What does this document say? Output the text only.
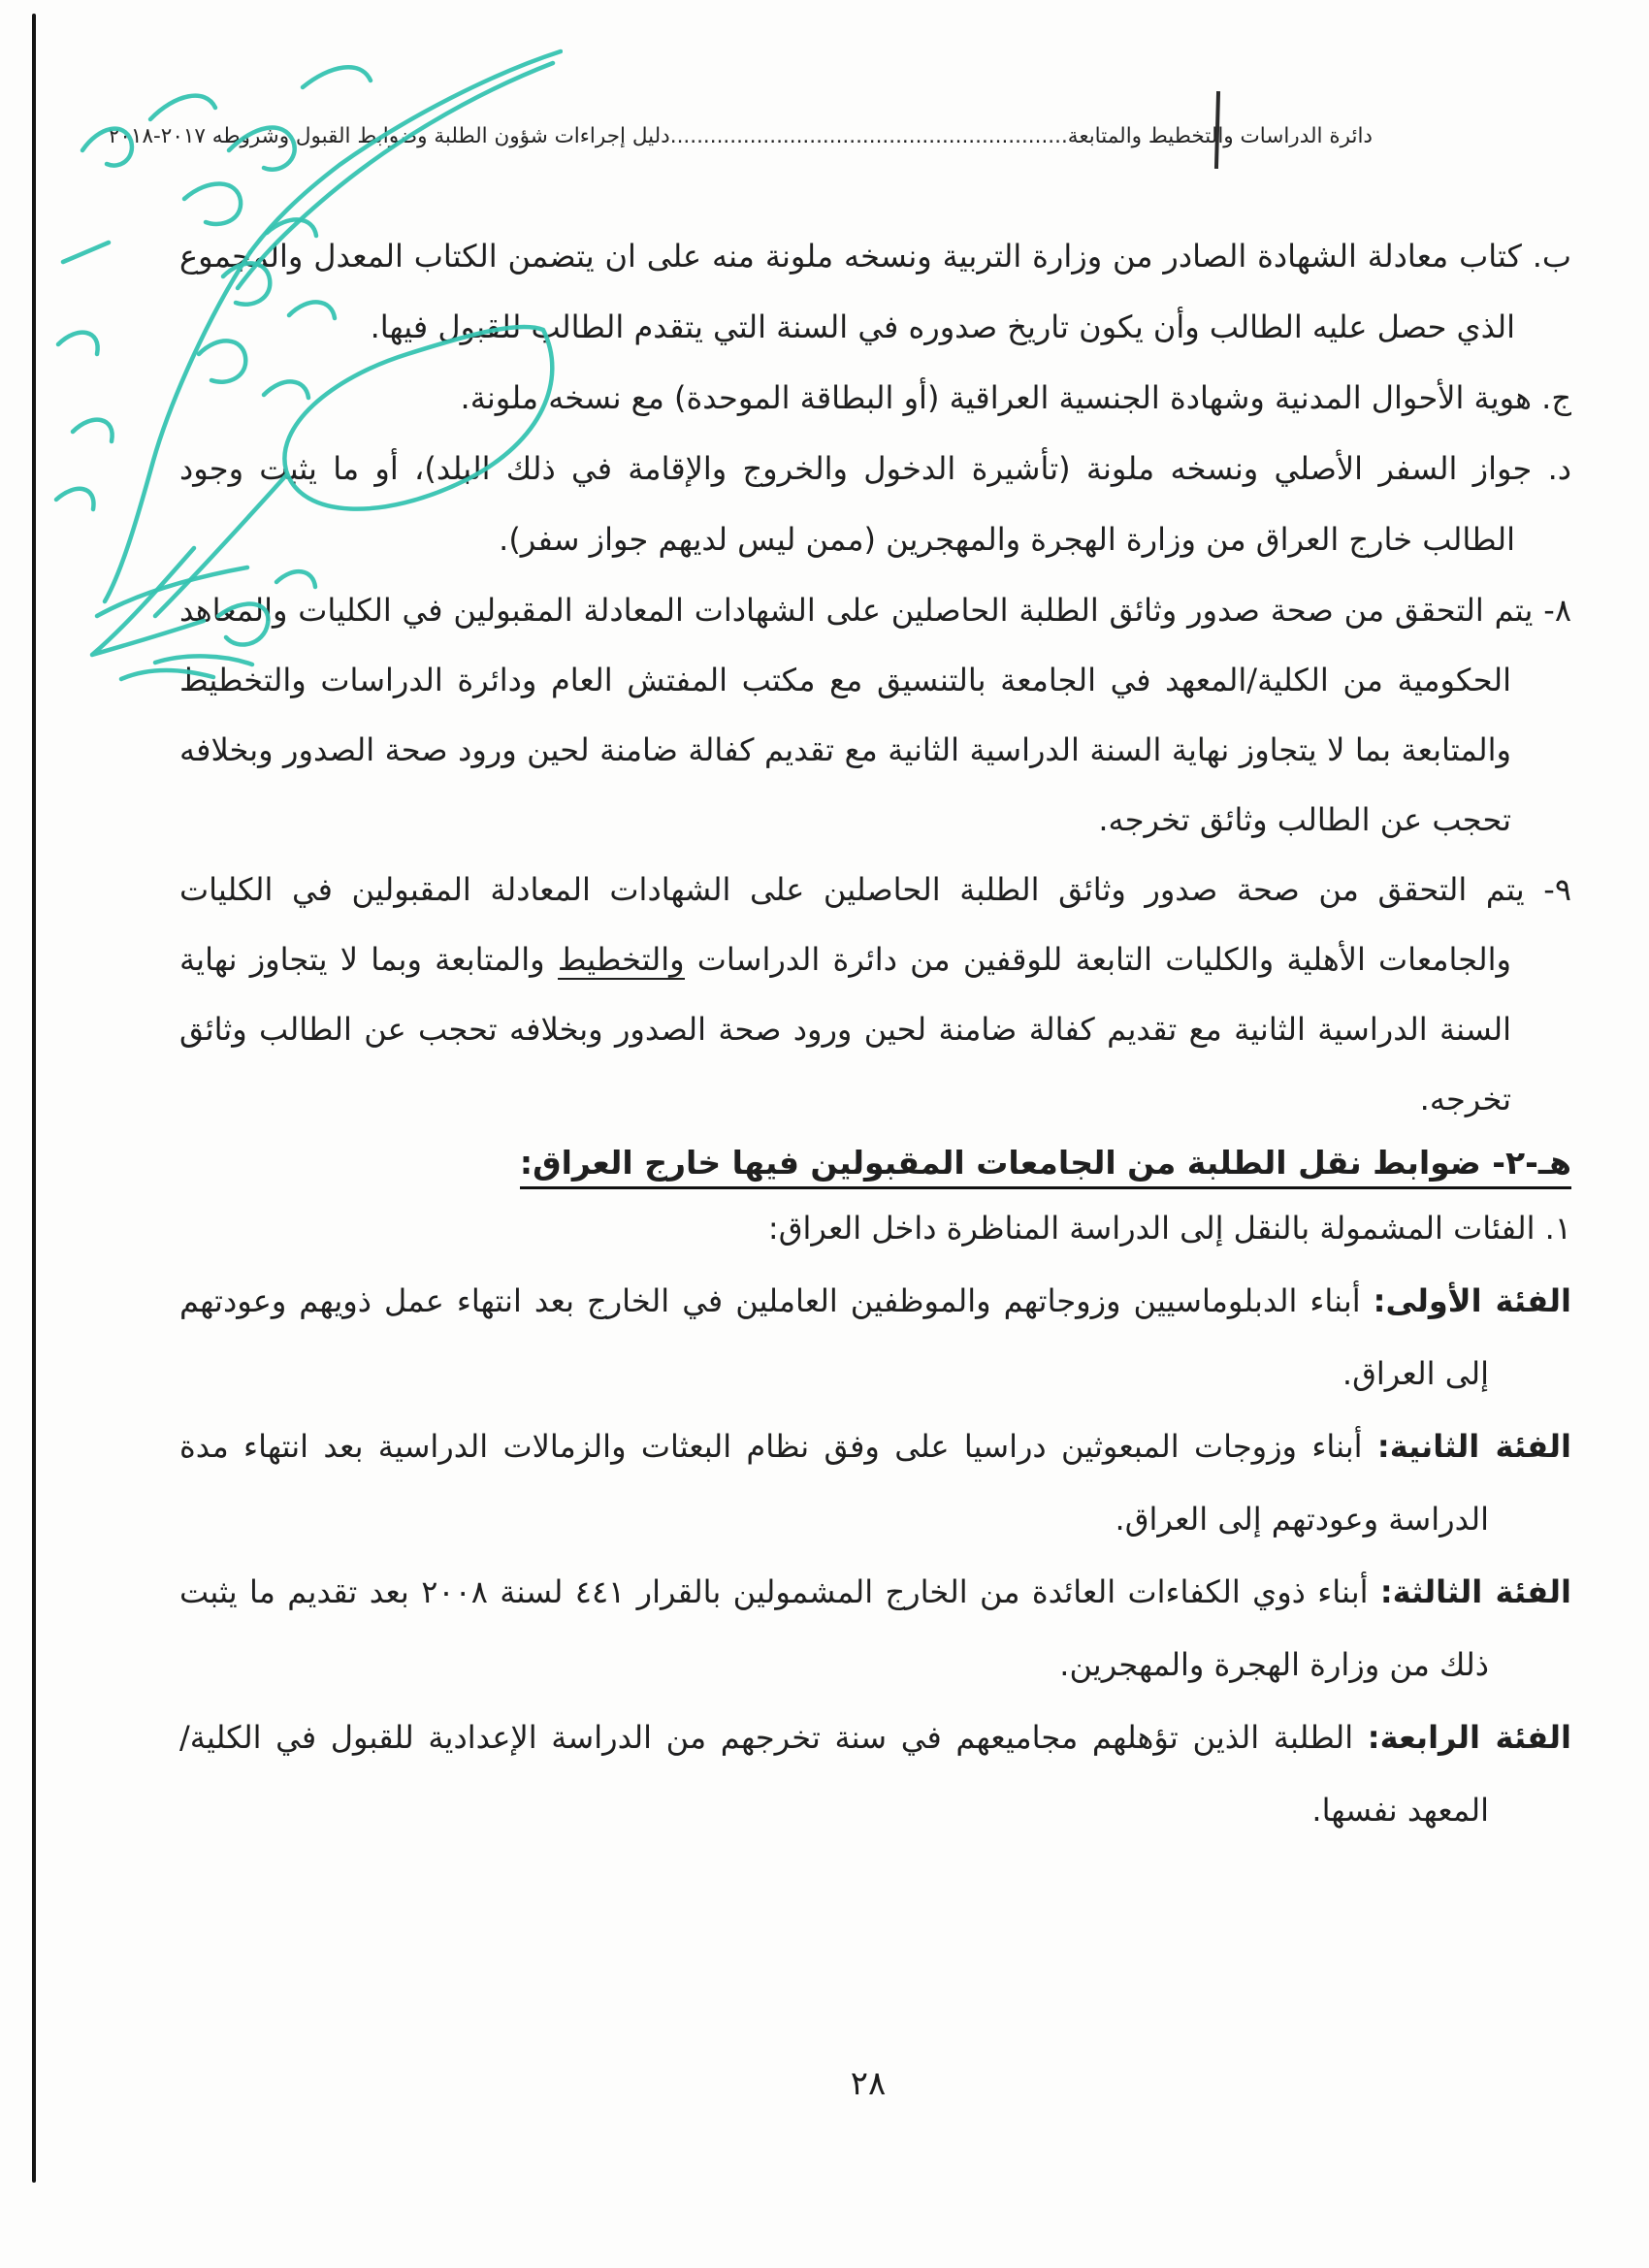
دائرة الدراسات والتخطيط والمتابعة............................................................دليل إجراءات شؤون الطلبة وضوابط القبول وشروطه ٢٠١٧-٢٠١٨

ب. كتاب معادلة الشهادة الصادر من وزارة التربية ونسخه ملونة منه على ان يتضمن الكتاب المعدل والمجموع الذي حصل عليه الطالب وأن يكون تاريخ صدوره في السنة التي يتقدم الطالب للقبول فيها.

ج. هوية الأحوال المدنية وشهادة الجنسية العراقية (أو البطاقة الموحدة) مع نسخه ملونة.

د. جواز السفر الأصلي ونسخه ملونة (تأشيرة الدخول والخروج والإقامة في ذلك البلد)، أو ما يثبت وجود الطالب خارج العراق من وزارة الهجرة والمهجرين (ممن ليس لديهم جواز سفر).

٨- يتم التحقق من صحة صدور وثائق الطلبة الحاصلين على الشهادات المعادلة المقبولين في الكليات والمعاهد الحكومية من الكلية/المعهد في الجامعة بالتنسيق مع مكتب المفتش العام ودائرة الدراسات والتخطيط والمتابعة بما لا يتجاوز نهاية السنة الدراسية الثانية مع تقديم كفالة ضامنة لحين ورود صحة الصدور وبخلافه تحجب عن الطالب وثائق تخرجه.

٩- يتم التحقق من صحة صدور وثائق الطلبة الحاصلين على الشهادات المعادلة المقبولين في الكليات والجامعات الأهلية والكليات التابعة للوقفين من دائرة الدراسات والتخطيط والمتابعة وبما لا يتجاوز نهاية السنة الدراسية الثانية مع تقديم كفالة ضامنة لحين ورود صحة الصدور وبخلافه تحجب عن الطالب وثائق تخرجه.

هـ-٢- ضوابط نقل الطلبة من الجامعات المقبولين فيها خارج العراق:

١. الفئات المشمولة بالنقل إلى الدراسة المناظرة داخل العراق:

الفئة الأولى: أبناء الدبلوماسيين وزوجاتهم والموظفين العاملين في الخارج بعد انتهاء عمل ذويهم وعودتهم إلى العراق.

الفئة الثانية: أبناء وزوجات المبعوثين دراسيا على وفق نظام البعثات والزمالات الدراسية بعد انتهاء مدة الدراسة وعودتهم إلى العراق.

الفئة الثالثة: أبناء ذوي الكفاءات العائدة من الخارج المشمولين بالقرار ٤٤١ لسنة ٢٠٠٨ بعد تقديم ما يثبت ذلك من وزارة الهجرة والمهجرين.

الفئة الرابعة: الطلبة الذين تؤهلهم مجاميعهم في سنة تخرجهم من الدراسة الإعدادية للقبول في الكلية/ المعهد نفسها.

٢٨
